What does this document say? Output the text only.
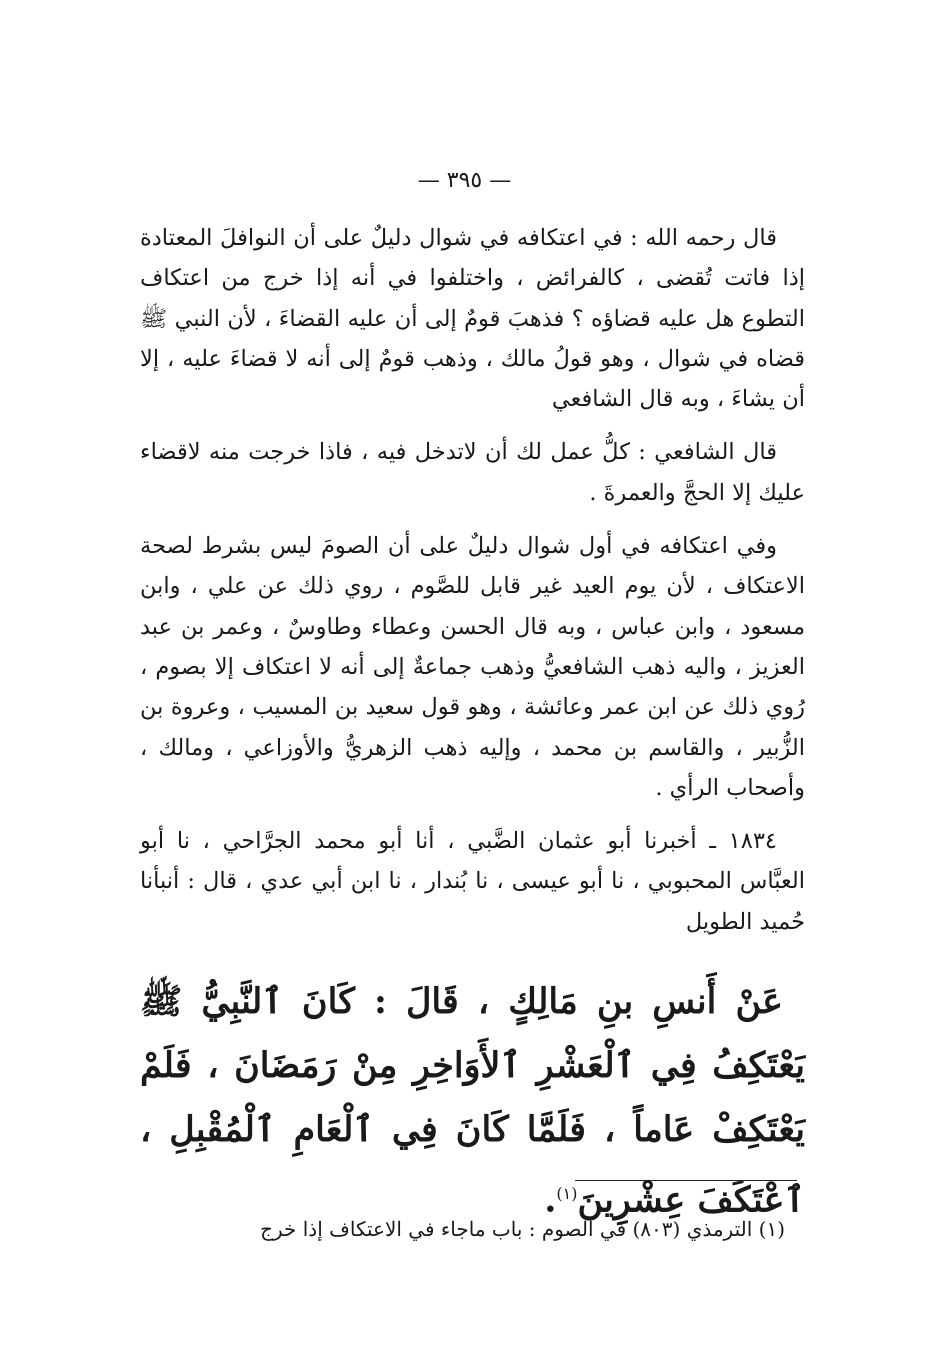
— ٣٩٥ —

قال رحمه الله : في اعتكافه في شوال دليلٌ على أن النوافلَ المعتادة إذا فاتت تُقضى ، كالفرائض ، واختلفوا في أنه إذا خرج من اعتكاف التطوع هل عليه قضاؤه ؟ فذهبَ قومٌ إلى أن عليه القضاءَ ، لأن النبي ﷺ قضاه في شوال ، وهو قولُ مالك ، وذهب قومٌ إلى أنه لا قضاءَ عليه ، إلا أن يشاءَ ، وبه قال الشافعي

قال الشافعي : كلُّ عمل لك أن لاتدخل فيه ، فاذا خرجت منه لاقضاء عليك إلا الحجَّ والعمرةَ .

وفي اعتكافه في أول شوال دليلٌ على أن الصومَ ليس بشرط لصحة الاعتكاف ، لأن يوم العيد غير قابل للصَّوم ، روي ذلك عن علي ، وابن مسعود ، وابن عباس ، وبه قال الحسن وعطاء وطاوسٌ ، وعمر بن عبد العزيز ، واليه ذهب الشافعيُّ وذهب جماعةٌ إلى أنه لا اعتكاف إلا بصوم ، رُوي ذلك عن ابن عمر وعائشة ، وهو قول سعيد بن المسيب ، وعروة بن الزُّبير ، والقاسم بن محمد ، وإليه ذهب الزهريُّ والأوزاعي ، ومالك ، وأصحاب الرأي .

١٨٣٤ ـ أخبرنا أبو عثمان الضَّبي ، أنا أبو محمد الجرَّاحي ، نا أبو العبَّاس المحبوبي ، نا أبو عيسى ، نا بُندار ، نا ابن أبي عدي ، قال : أنبأنا حُميد الطويل

عَنْ أَنسِ بنِ مَالِكٍ ، قَالَ : كَانَ ٱلنَّبِيُّ ﷺ يَعْتَكِفُ فِي ٱلْعَشْرِ ٱلأَوَاخِرِ مِنْ رَمَضَانَ ، فَلَمْ يَعْتَكِفْ عَاماً ، فَلَمَّا كَانَ فِي ٱلْعَامِ ٱلْمُقْبِلِ ، ٱعْتَكَفَ عِشْرِينَ$^{(١)}$.
(١) الترمذي (٨٠٣) في الصوم : باب ماجاء في الاعتكاف إذا خرج
